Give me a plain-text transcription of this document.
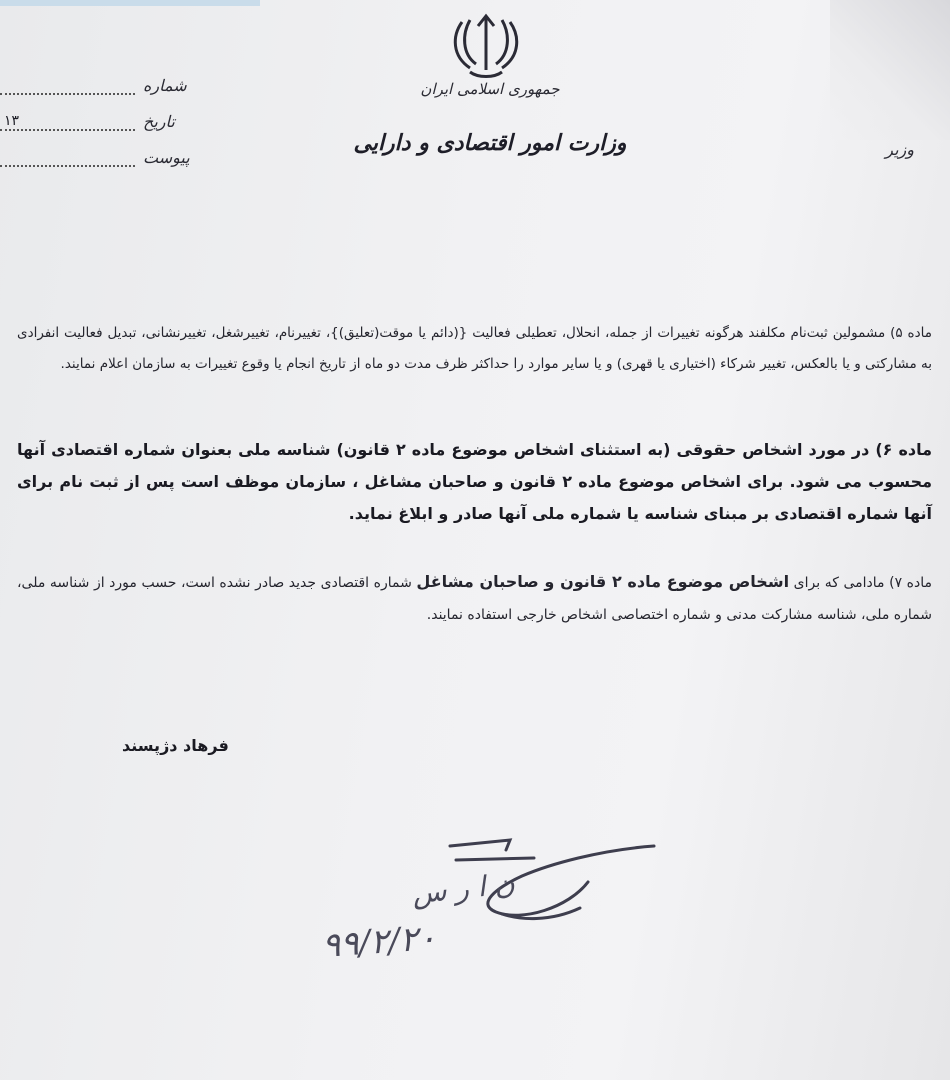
جمهوری اسلامی ایران
وزارت امور اقتصادی و دارایی	وزیر
شماره
۱۳	تاریخ
پیوست
ماده ۵) مشمولین ثبت‌نام مکلفند هرگونه تغییرات از جمله، انحلال، تعطیلی فعالیت {(دائم یا موقت(تعلیق)}، تغییرنام، تغییرشغل، تغییرنشانی، تبدیل فعالیت انفرادی به مشارکتی و یا بالعکس، تغییر شرکاء (اختیاری یا قهری) و یا سایر موارد را حداکثر ظرف مدت دو ماه از تاریخ انجام یا وقوع تغییرات به سازمان اعلام نمایند.
ماده ۶) در مورد اشخاص حقوقی (به استثنای اشخاص موضوع ماده ۲ قانون) شناسه ملی بعنوان شماره اقتصادی آنها محسوب می شود. برای اشخاص موضوع ماده ۲ قانون و صاحبان مشاغل ، سازمان موظف است پس از ثبت نام برای آنها شماره اقتصادی بر مبنای شناسه یا شماره ملی آنها صادر و ابلاغ نماید.
ماده ۷) مادامی که برای اشخاص موضوع ماده ۲ قانون و صاحبان مشاغل شماره اقتصادی جدید صادر نشده است، حسب مورد از شناسه ملی، شماره ملی، شناسه مشارکت مدنی و شماره اختصاصی اشخاص خارجی استفاده نمایند.
فرهاد دژپسند
ن ا ر س
۹۹/۲/۲۰
